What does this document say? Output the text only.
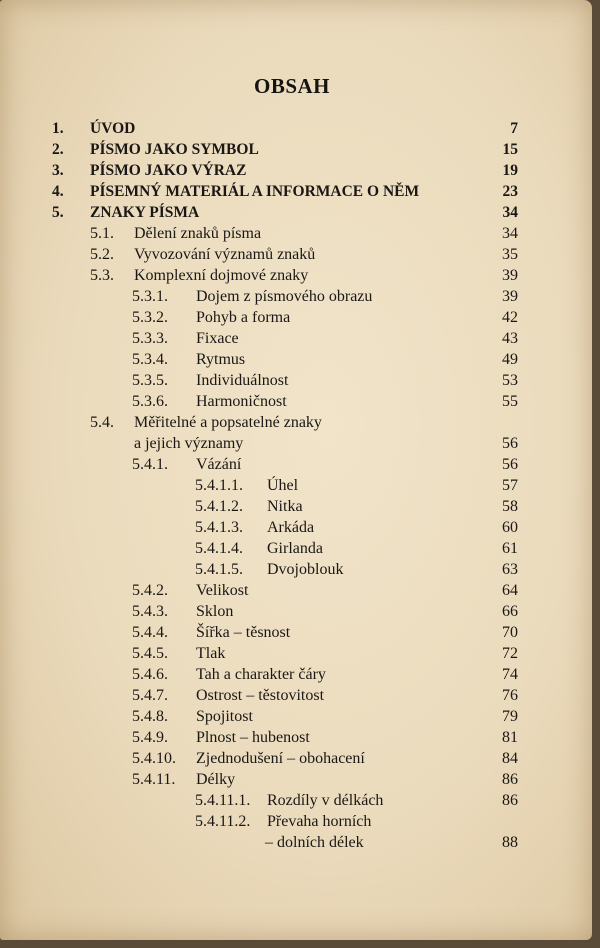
OBSAH
1. ÚVOD	7
2. PÍSMO JAKO SYMBOL	15
3. PÍSMO JAKO VÝRAZ	19
4. PÍSEMNÝ MATERIÁL A INFORMACE O NĚM	23
5. ZNAKY PÍSMA	34
5.1. Dělení znaků písma	34
5.2. Vyvozování významů znaků	35
5.3. Komplexní dojmové znaky	39
5.3.1. Dojem z písmového obrazu	39
5.3.2. Pohyb a forma	42
5.3.3. Fixace	43
5.3.4. Rytmus	49
5.3.5. Individuálnost	53
5.3.6. Harmoničnost	55
5.4. Měřitelné a popsatelné znaky
a jejich významy	56
5.4.1. Vázání	56
5.4.1.1. Úhel	57
5.4.1.2. Nitka	58
5.4.1.3. Arkáda	60
5.4.1.4. Girlanda	61
5.4.1.5. Dvojoblouk	63
5.4.2. Velikost	64
5.4.3. Sklon	66
5.4.4. Šířka – těsnost	70
5.4.5. Tlak	72
5.4.6. Tah a charakter čáry	74
5.4.7. Ostrost – těstovitost	76
5.4.8. Spojitost	79
5.4.9. Plnost – hubenost	81
5.4.10. Zjednodušení – obohacení	84
5.4.11. Délky	86
5.4.11.1. Rozdíly v délkách	86
5.4.11.2. Převaha horních
– dolních délek	88
